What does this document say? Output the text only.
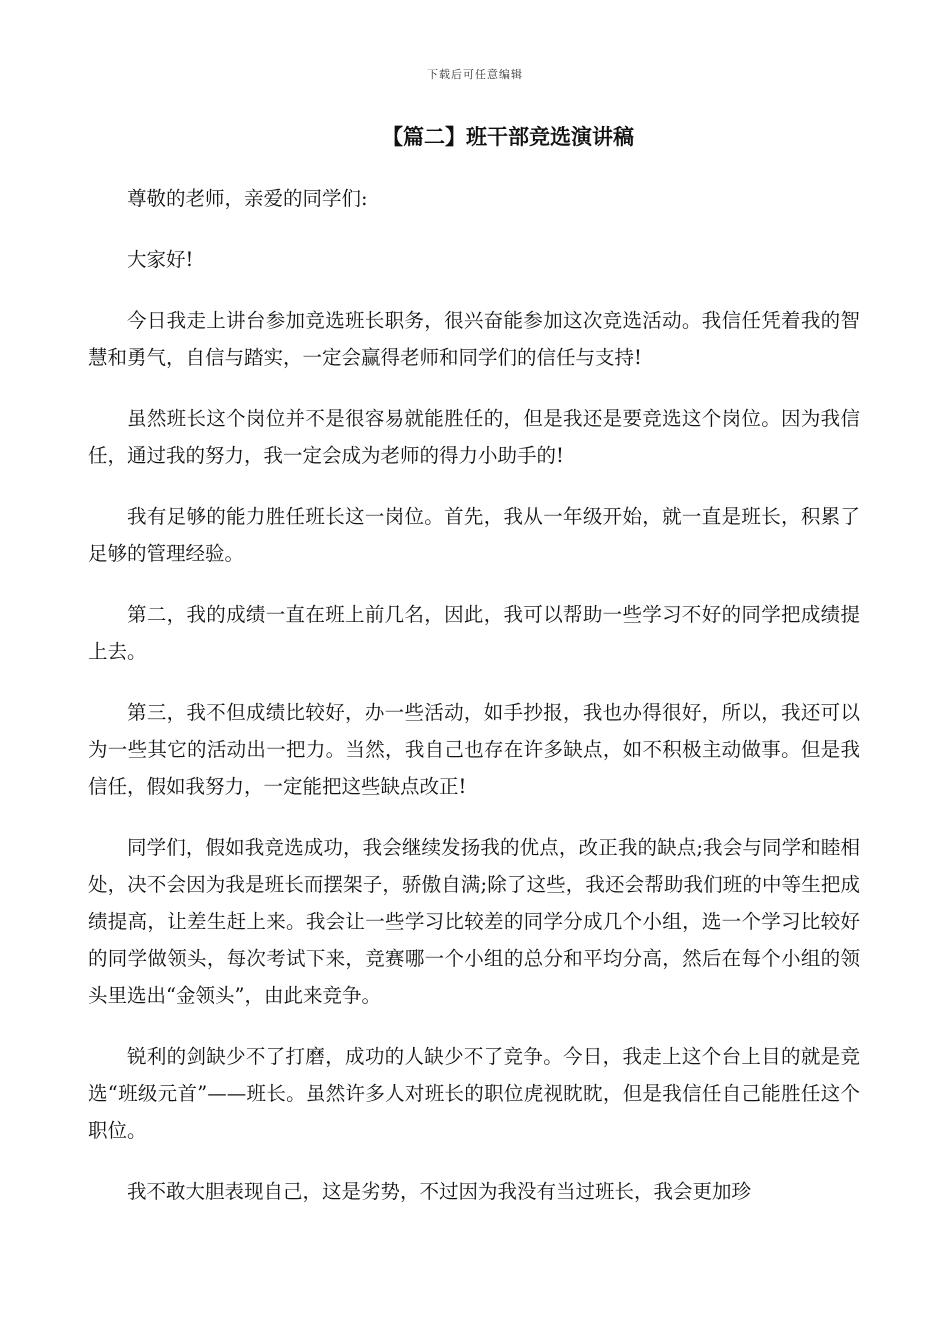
下载后可任意编辑
【篇二】班干部竞选演讲稿

尊敬的老师，亲爱的同学们:

大家好!

今日我走上讲台参加竞选班长职务，很兴奋能参加这次竞选活动。我信任凭着我的智慧和勇气，自信与踏实，一定会赢得老师和同学们的信任与支持!

虽然班长这个岗位并不是很容易就能胜任的，但是我还是要竞选这个岗位。因为我信任，通过我的努力，我一定会成为老师的得力小助手的!

我有足够的能力胜任班长这一岗位。首先，我从一年级开始，就一直是班长，积累了足够的管理经验。

第二，我的成绩一直在班上前几名，因此，我可以帮助一些学习不好的同学把成绩提上去。

第三，我不但成绩比较好，办一些活动，如手抄报，我也办得很好，所以，我还可以为一些其它的活动出一把力。当然，我自己也存在许多缺点，如不积极主动做事。但是我信任，假如我努力，一定能把这些缺点改正!

同学们，假如我竞选成功，我会继续发扬我的优点，改正我的缺点;我会与同学和睦相处，决不会因为我是班长而摆架子，骄傲自满;除了这些，我还会帮助我们班的中等生把成绩提高，让差生赶上来。我会让一些学习比较差的同学分成几个小组，选一个学习比较好的同学做领头，每次考试下来，竞赛哪一个小组的总分和平均分高，然后在每个小组的领头里选出“金领头”，由此来竞争。

锐利的剑缺少不了打磨，成功的人缺少不了竞争。今日，我走上这个台上目的就是竞选“班级元首”——班长。虽然许多人对班长的职位虎视眈眈，但是我信任自己能胜任这个职位。

我不敢大胆表现自己，这是劣势，不过因为我没有当过班长，我会更加珍
